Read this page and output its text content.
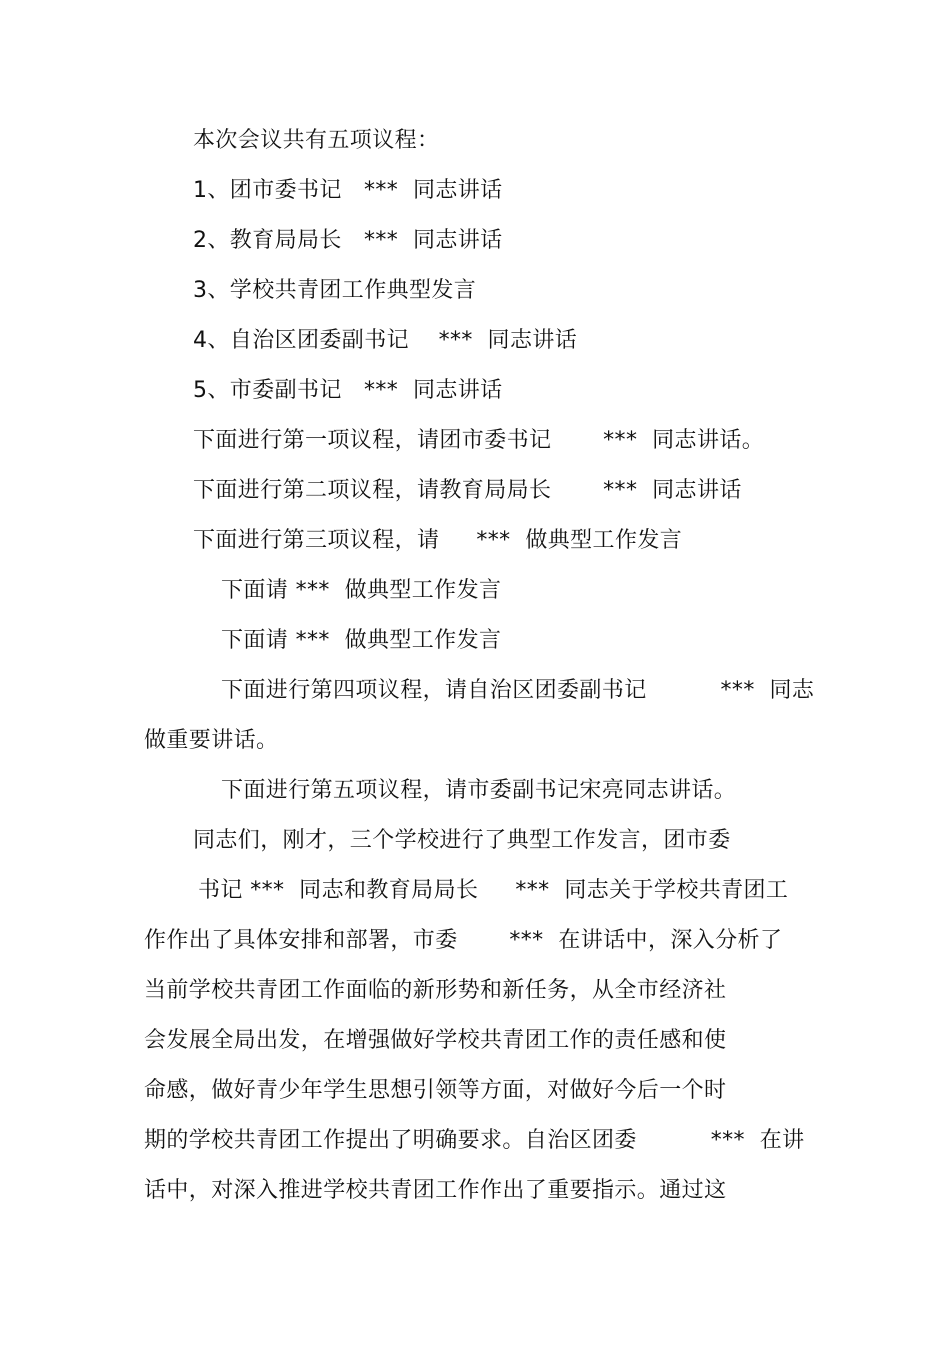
本次会议共有五项议程：
1、团市委书记   ***  同志讲话
2、教育局局长   ***  同志讲话
3、学校共青团工作典型发言
4、自治区团委副书记    ***  同志讲话
5、市委副书记   ***  同志讲话
下面进行第一项议程，请团市委书记       ***  同志讲话。
下面进行第二项议程，请教育局局长       ***  同志讲话
下面进行第三项议程，请     ***  做典型工作发言
下面请 ***  做典型工作发言
下面请 ***  做典型工作发言
下面进行第四项议程，请自治区团委副书记          ***  同志
做重要讲话。
下面进行第五项议程，请市委副书记宋亮同志讲话。
同志们，刚才，三个学校进行了典型工作发言，团市委
书记 ***  同志和教育局局长     ***  同志关于学校共青团工
作作出了具体安排和部署，市委       ***  在讲话中，深入分析了
当前学校共青团工作面临的新形势和新任务，从全市经济社
会发展全局出发，在增强做好学校共青团工作的责任感和使
命感，做好青少年学生思想引领等方面，对做好今后一个时
期的学校共青团工作提出了明确要求。自治区团委          ***  在讲
话中，对深入推进学校共青团工作作出了重要指示。通过这
